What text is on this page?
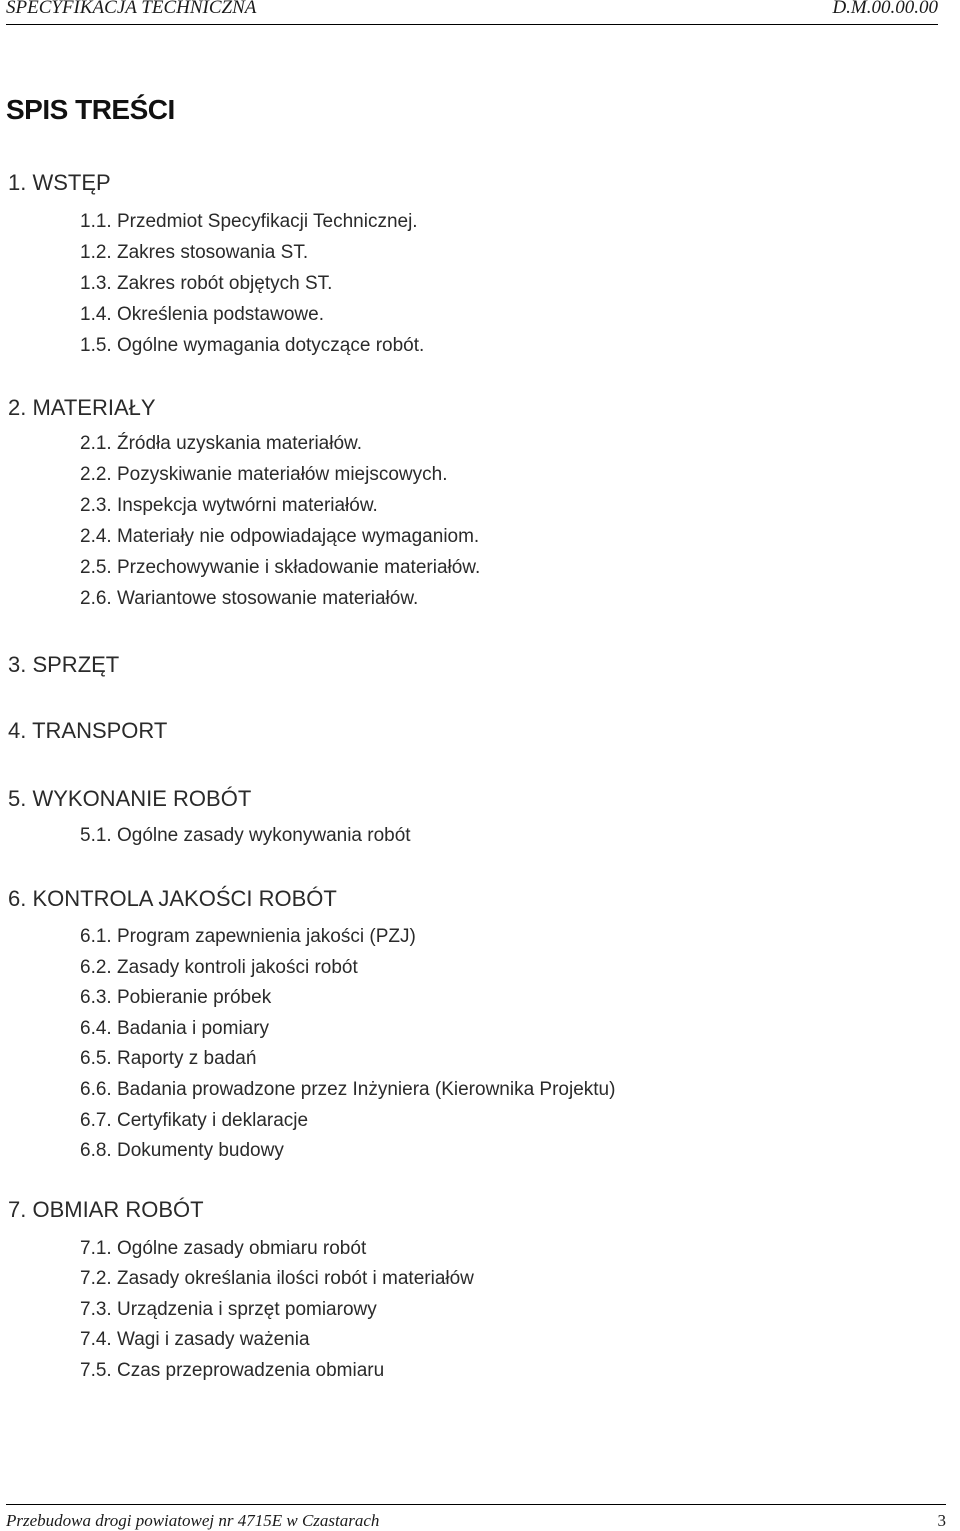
SPECYFIKACJA TECHNICZNA	D.M.00.00.00
SPIS TREŚCI
1. WSTĘP
1.1. Przedmiot Specyfikacji Technicznej.
1.2. Zakres stosowania ST.
1.3. Zakres robót objętych ST.
1.4. Określenia podstawowe.
1.5. Ogólne wymagania dotyczące robót.
2. MATERIAŁY
2.1. Źródła uzyskania materiałów.
2.2. Pozyskiwanie materiałów miejscowych.
2.3. Inspekcja wytwórni materiałów.
2.4. Materiały nie odpowiadające wymaganiom.
2.5. Przechowywanie i składowanie materiałów.
2.6. Wariantowe stosowanie materiałów.
3. SPRZĘT
4. TRANSPORT
5. WYKONANIE ROBÓT
5.1. Ogólne zasady wykonywania robót
6. KONTROLA JAKOŚCI ROBÓT
6.1. Program zapewnienia jakości (PZJ)
6.2. Zasady kontroli jakości robót
6.3. Pobieranie próbek
6.4. Badania i pomiary
6.5. Raporty z badań
6.6. Badania prowadzone przez Inżyniera (Kierownika Projektu)
6.7. Certyfikaty i deklaracje
6.8. Dokumenty budowy
7. OBMIAR ROBÓT
7.1. Ogólne zasady obmiaru robót
7.2. Zasady określania ilości robót i materiałów
7.3. Urządzenia i sprzęt pomiarowy
7.4. Wagi i zasady ważenia
7.5. Czas przeprowadzenia obmiaru
Przebudowa drogi powiatowej nr 4715E w Czastarach	3
